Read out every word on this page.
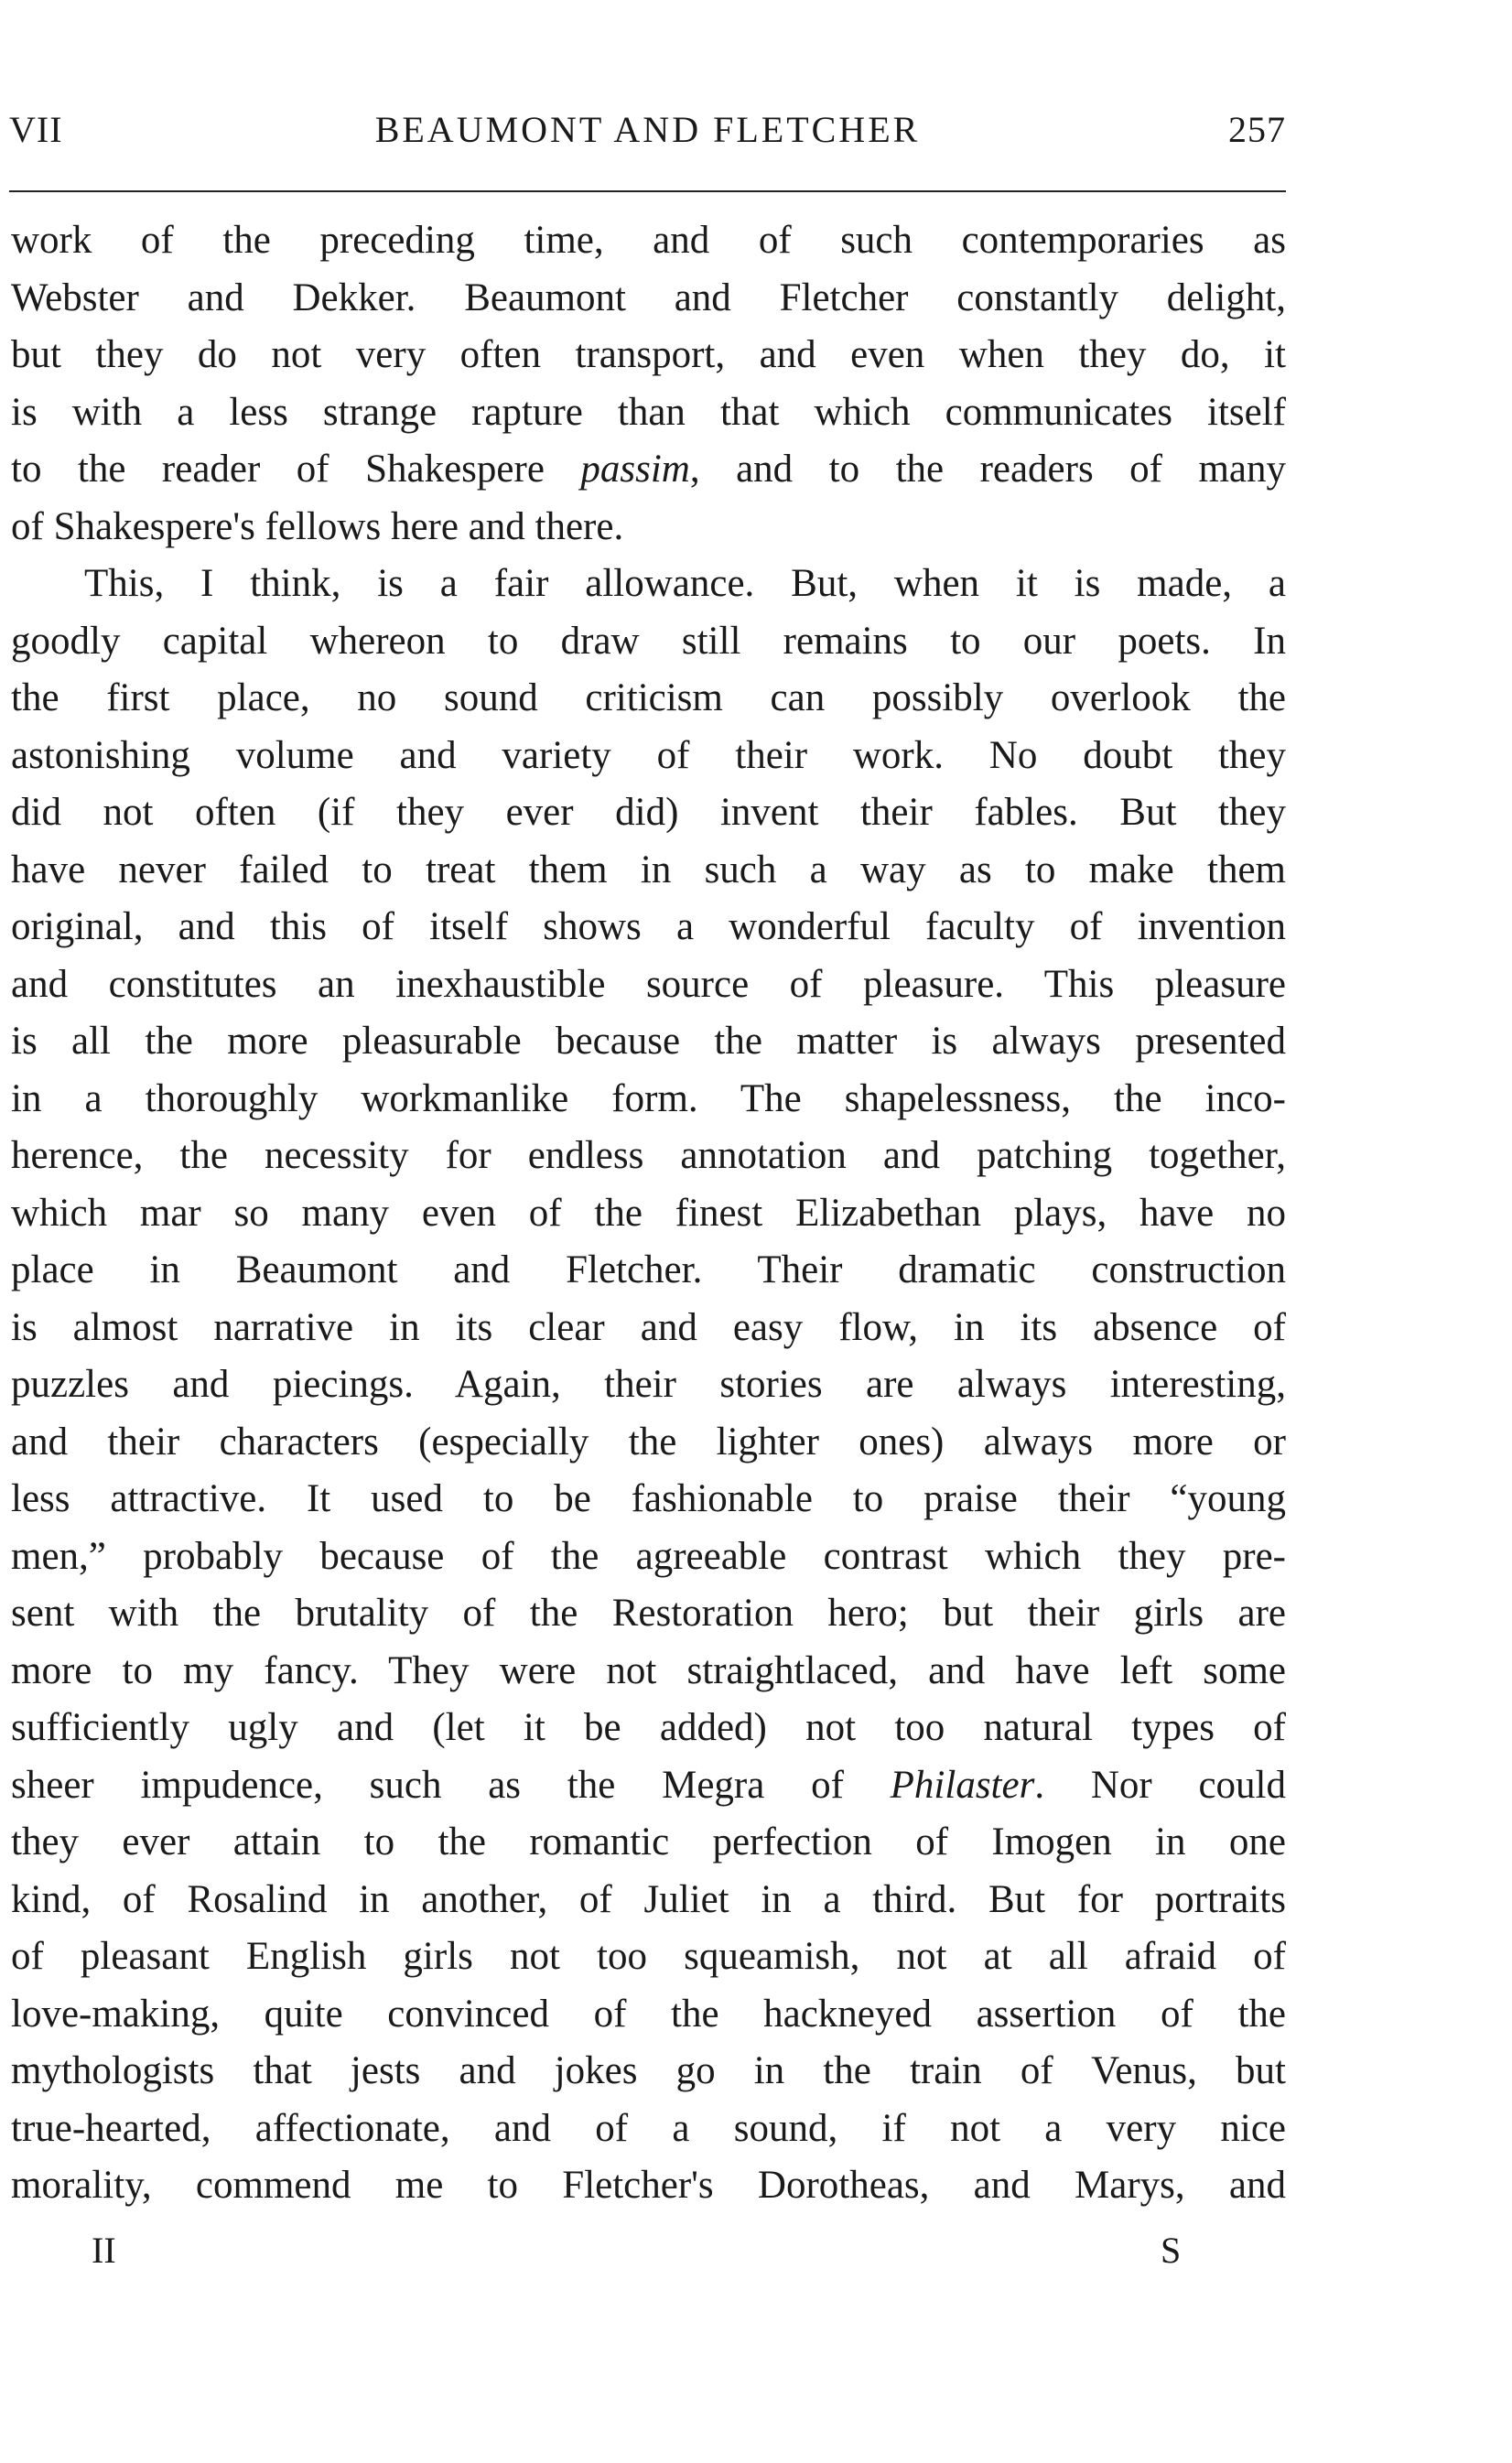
VII	BEAUMONT AND FLETCHER	257

work of the preceding time, and of such contemporaries as

Webster and Dekker. Beaumont and Fletcher constantly delight,

but they do not very often transport, and even when they do, it

is with a less strange rapture than that which communicates itself

to the reader of Shakespere passim, and to the readers of many

of Shakespere's fellows here and there.

This, I think, is a fair allowance. But, when it is made, a

goodly capital whereon to draw still remains to our poets. In

the first place, no sound criticism can possibly overlook the

astonishing volume and variety of their work. No doubt they

did not often (if they ever did) invent their fables. But they

have never failed to treat them in such a way as to make them

original, and this of itself shows a wonderful faculty of invention

and constitutes an inexhaustible source of pleasure. This pleasure

is all the more pleasurable because the matter is always presented

in a thoroughly workmanlike form. The shapelessness, the inco-

herence, the necessity for endless annotation and patching together,

which mar so many even of the finest Elizabethan plays, have no

place in Beaumont and Fletcher. Their dramatic construction

is almost narrative in its clear and easy flow, in its absence of

puzzles and piecings. Again, their stories are always interesting,

and their characters (especially the lighter ones) always more or

less attractive. It used to be fashionable to praise their “young

men,” probably because of the agreeable contrast which they pre-

sent with the brutality of the Restoration hero; but their girls are

more to my fancy. They were not straightlaced, and have left some

sufficiently ugly and (let it be added) not too natural types of

sheer impudence, such as the Megra of Philaster. Nor could

they ever attain to the romantic perfection of Imogen in one

kind, of Rosalind in another, of Juliet in a third. But for portraits

of pleasant English girls not too squeamish, not at all afraid of

love-making, quite convinced of the hackneyed assertion of the

mythologists that jests and jokes go in the train of Venus, but

true-hearted, affectionate, and of a sound, if not a very nice

morality, commend me to Fletcher's Dorotheas, and Marys, and

II	S
